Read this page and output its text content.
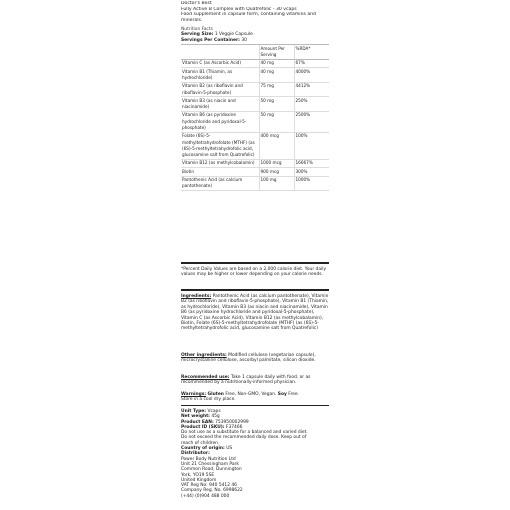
Doctor's Best
Fully Active B Complex with Quatrefolic - 30 vcaps
Food supplement in capsule form, containing vitamins and
minerals.
Nutrition Facts
Serving Size: 1 Veggie Capsule
Servings Per Container: 30
	Amount Per Serving	%RDA*
Vitamin C (as Ascorbic Acid)	40 mg	67%
Vitamin B1 (Thiamin, as hydrochloride)	40 mg	4000%
Vitamin B2 (as riboflavin and riboflavin-5-phosphate)	75 mg	4412%
Vitamin B3 (as niacin and niacinamide)	50 mg	250%
Vitamin B6 (as pyridoxine hydrochloride and pyridoxal-5-phosphate)	50 mg	2500%
Folate (6S)-5-methyltetrahydrofolate (MTHF) (as (6S)-5-methyltetrahydrofolic acid, glucosamine salt from Quatrefolic)	400 mcg	100%
Vitamin B12 (as methylcobalamin)	1000 mcg	16667%
Biotin	900 mcg	300%
Pantothenic Acid (as calcium pantothenate)	100 mg	1000%
*Percent Daily Values are based on a 2,000 calorie diet. Your daily values may be higher or lower depending on your calorie needs.
Ingredients: Pantothenic Acid (as calcium pantothenate), Vitamin B2 (as riboflavin and riboflavin-5-phosphate), Vitamin B1 (Thiamin, as hydrochloride), Vitamin B3 (as niacin and niacinamide), Vitamin B6 (as pyridoxine hydrochloride and pyridoxal-5-phosphate), Vitamin C (as Ascorbic Acid), Vitamin B12 (as methylcobalamin), Biotin, Folate (6S)-5-methyltetrahydrofolate (MTHF) (as (6S)-5-methyltetrahydrofolic acid, glucosamine salt from Quatrefolic)
Other ingredients: Modified cellulose (vegetarian capsule), microcrystalline cellulose, ascorbyl palmitate, silicon dioxide.
Recommended use: Take 1 capsule daily with food, or as recommended by a nutritionally-informed physician.
Warnings: Gluten Free, Non-GMO, Vegan. Soy Free.
Store in a cool dry place.
Unit Type: Vcaps
Net weight: 45g
Product EAN: 753950002999
Product ID (SKU): F37466
Do not use as a substitute for a balanced and varied diet.
Do not exceed the recommended daily dose. Keep out of
reach of children.
Country of origin: US
Distributor:
Power Body Nutrition Ltd
Unit 21 Chessingham Park
Common Road, Dunnington
York, YO19 5SE
United Kingdom
VAT Reg No: 940 5412 46
Company Reg. No. 6998622
(+44) (0)904 488 000
